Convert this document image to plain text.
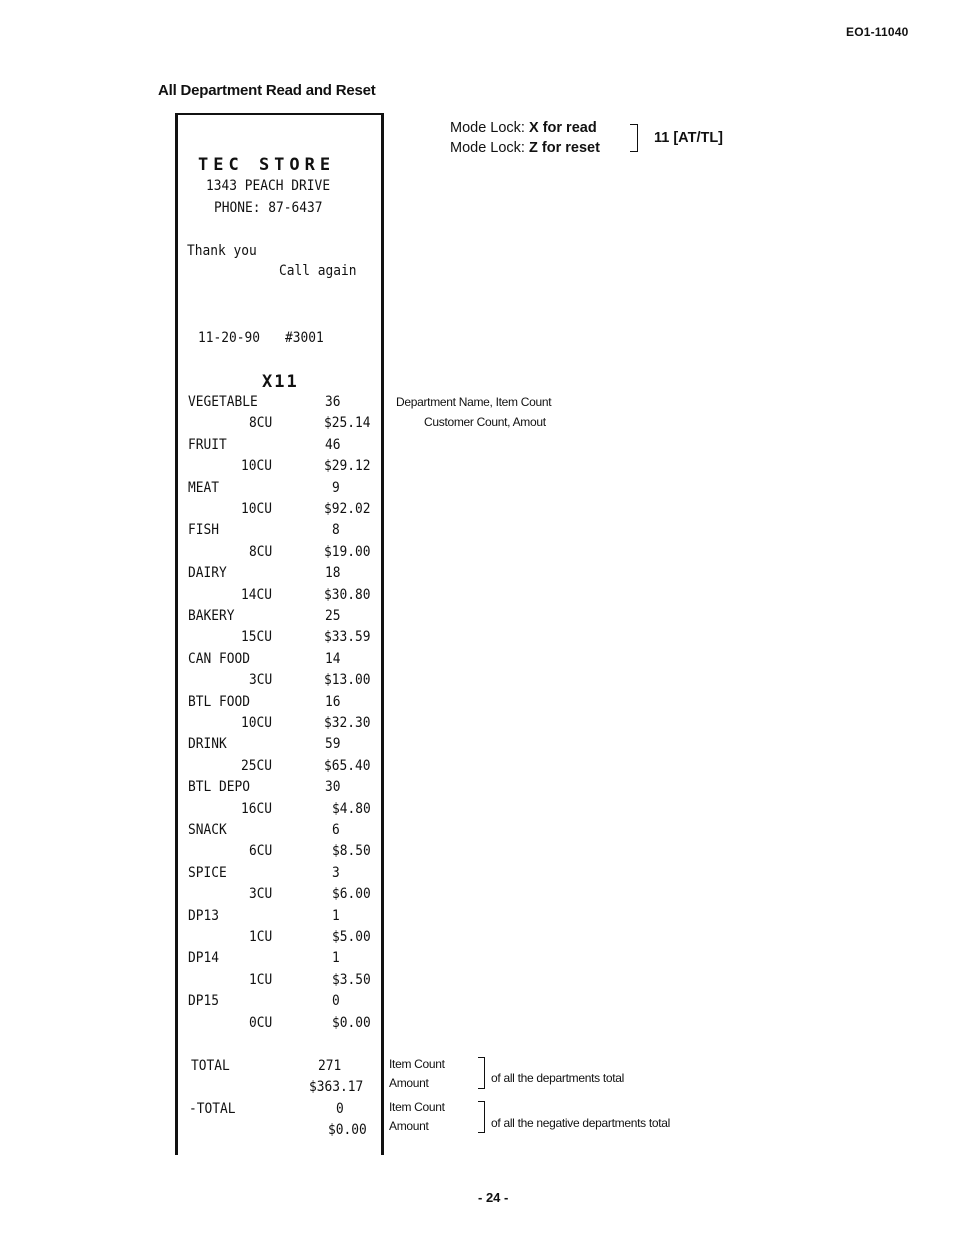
EO1-11040
All Department Read and Reset
TEC STORE
1343 PEACH DRIVE
PHONE: 87-6437
Thank you
Call again
11-20-90 #3001
X11
VEGETABLE	36
8CU	$25.14
FRUIT	46
10CU	$29.12
MEAT	9
10CU	$92.02
FISH	8
8CU	$19.00
DAIRY	18
14CU	$30.80
BAKERY	25
15CU	$33.59
CAN FOOD	14
3CU	$13.00
BTL FOOD	16
10CU	$32.30
DRINK	59
25CU	$65.40
BTL DEPO	30
16CU	$4.80
SNACK	6
6CU	$8.50
SPICE	3
3CU	$6.00
DP13	1
1CU	$5.00
DP14	1
1CU	$3.50
DP15	0
0CU	$0.00
TOTAL	271
$363.17
-TOTAL	0
$0.00
Mode Lock: X for read
Mode Lock: Z for reset
11 [AT/TL]
Department Name, Item Count
Customer Count, Amout
Item Count
Amount	of all the departments total
Item Count
Amount	of all the negative departments total
- 24 -
